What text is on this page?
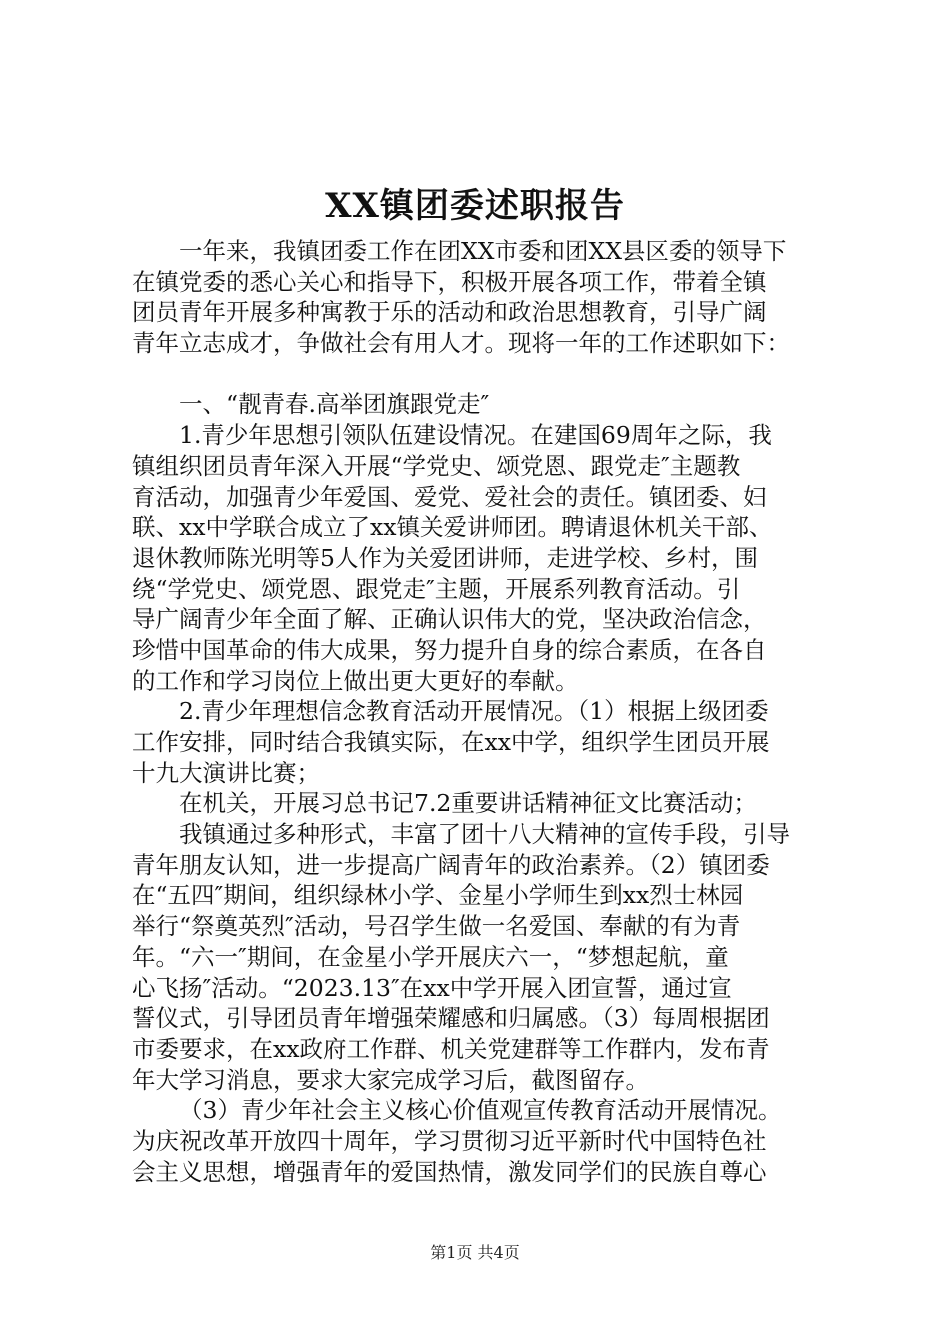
XX镇团委述职报告
一年来，我镇团委工作在团XX市委和团XX县区委的领导下
在镇党委的悉心关心和指导下，积极开展各项工作，带着全镇
团员青年开展多种寓教于乐的活动和政治思想教育，引导广阔
青年立志成才，争做社会有用人才。现将一年的工作述职如下：
一、“靓青春.高举团旗跟党走″
1.青少年思想引领队伍建设情况。在建国69周年之际，我
镇组织团员青年深入开展“学党史、颂党恩、跟党走″主题教
育活动，加强青少年爱国、爱党、爱社会的责任。镇团委、妇
联、xx中学联合成立了xx镇关爱讲师团。聘请退休机关干部、
退休教师陈光明等5人作为关爱团讲师，走进学校、乡村，围
绕“学党史、颂党恩、跟党走″主题，开展系列教育活动。引
导广阔青少年全面了解、正确认识伟大的党，坚决政治信念，
珍惜中国革命的伟大成果，努力提升自身的综合素质，在各自
的工作和学习岗位上做出更大更好的奉献。
2.青少年理想信念教育活动开展情况。（1）根据上级团委
工作安排，同时结合我镇实际，在xx中学，组织学生团员开展
十九大演讲比赛；
在机关，开展习总书记7.2重要讲话精神征文比赛活动；
我镇通过多种形式，丰富了团十八大精神的宣传手段，引导
青年朋友认知，进一步提高广阔青年的政治素养。（2）镇团委
在“五四″期间，组织绿林小学、金星小学师生到xx烈士林园
举行“祭奠英烈″活动，号召学生做一名爱国、奉献的有为青
年。“六一″期间，在金星小学开展庆六一，“梦想起航，童
心飞扬″活动。“2023.13″在xx中学开展入团宣誓，通过宣
誓仪式，引导团员青年增强荣耀感和归属感。（3）每周根据团
市委要求，在xx政府工作群、机关党建群等工作群内，发布青
年大学习消息，要求大家完成学习后，截图留存。
（3）青少年社会主义核心价值观宣传教育活动开展情况。
为庆祝改革开放四十周年，学习贯彻习近平新时代中国特色社
会主义思想，增强青年的爱国热情，激发同学们的民族自尊心
第1页 共4页
